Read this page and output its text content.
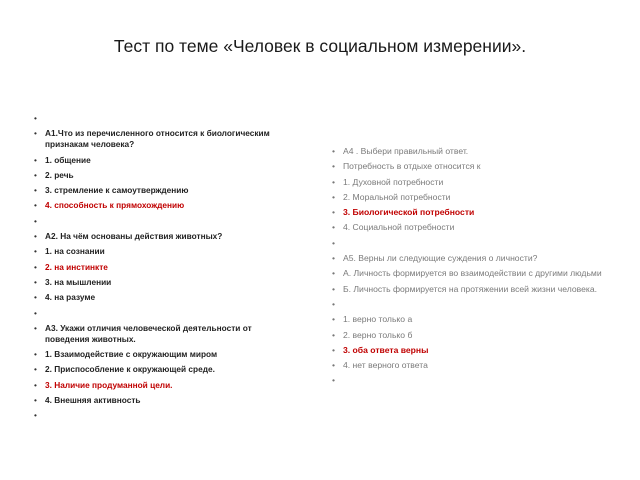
Тест по теме «Человек в социальном измерении».
•
• А1.Что из перечисленного относится к биологическим признакам человека?
• 1. общение
• 2. речь
• 3. стремление к самоутверждению
• 4. способность к прямохождению
•
• А2. На чём основаны действия животных?
• 1. на сознании
• 2. на инстинкте
• 3. на мышлении
• 4. на разуме
•
• А3. Укажи отличия человеческой деятельности от поведения животных.
• 1. Взаимодействие с окружающим миром
• 2. Приспособление к окружающей среде.
• 3. Наличие продуманной цели.
• 4. Внешняя активность
•
• А4 . Выбери правильный ответ.
• Потребность в отдыхе относится к
• 1. Духовной потребности
• 2. Моральной потребности
• 3. Биологической потребности
• 4. Социальной потребности
•
• А5. Верны ли следующие суждения о личности?
• А. Личность формируется во взаимодействии с другими людьми
• Б. Личность формируется на протяжении всей жизни человека.
•
• 1. верно только а
• 2. верно только б
• 3. оба ответа верны
• 4. нет верного ответа
•
